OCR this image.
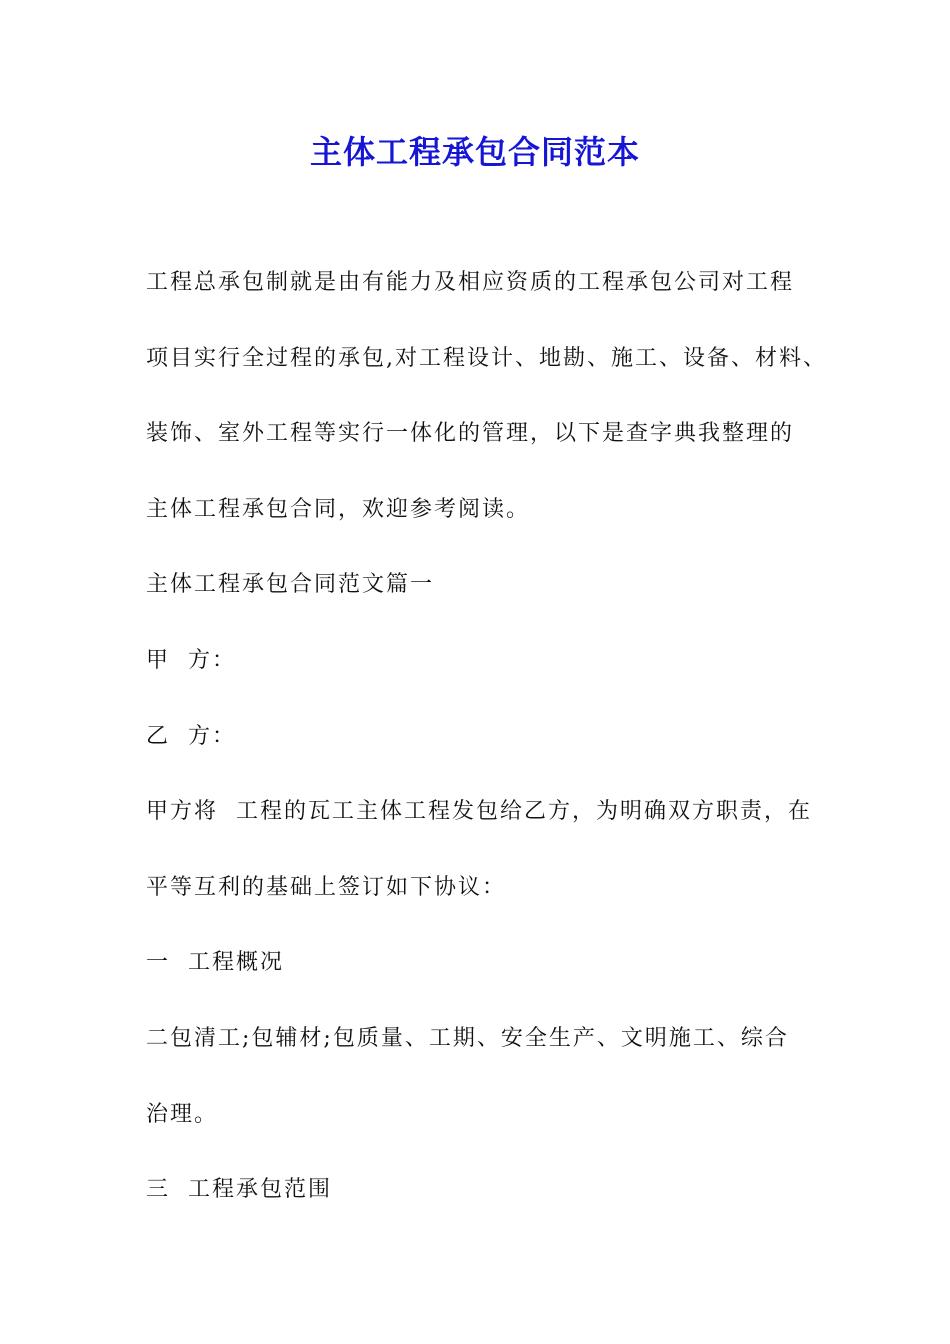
主体工程承包合同范本
工程总承包制就是由有能力及相应资质的工程承包公司对工程
项目实行全过程的承包,对工程设计、地勘、施工、设备、材料、
装饰、室外工程等实行一体化的管理，以下是查字典我整理的
主体工程承包合同，欢迎参考阅读。
主体工程承包合同范文篇一
甲  方：
乙  方：
甲方将  工程的瓦工主体工程发包给乙方，为明确双方职责，在
平等互利的基础上签订如下协议：
一  工程概况
二包清工;包辅材;包质量、工期、安全生产、文明施工、综合
治理。
三  工程承包范围
